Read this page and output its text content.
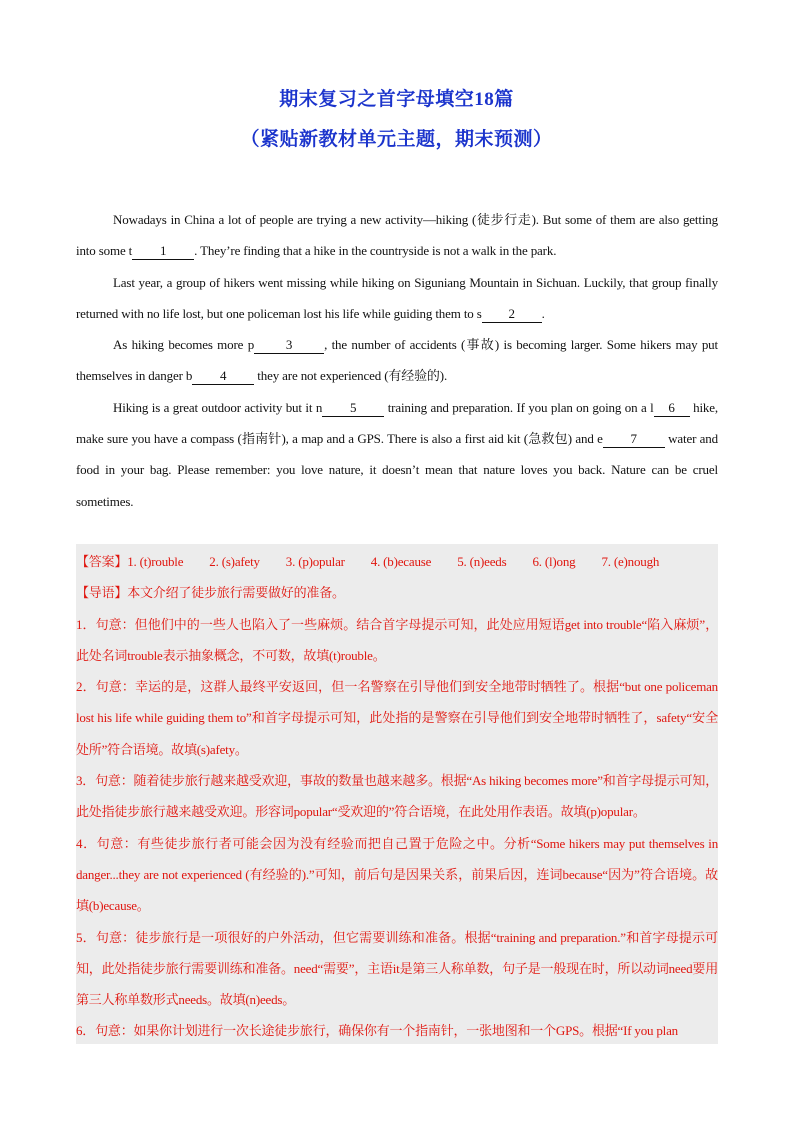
期末复习之首字母填空18篇
（紧贴新教材单元主题，期末预测）

Nowadays in China a lot of people are trying a new activity—hiking (徒步行走). But some of them are also getting into some t 1 . They’re finding that a hike in the countryside is not a walk in the park.

Last year, a group of hikers went missing while hiking on Siguniang Mountain in Sichuan. Luckily, that group finally returned with no life lost, but one policeman lost his life while guiding them to s 2 .

As hiking becomes more p 3 , the number of accidents (事故) is becoming larger. Some hikers may put themselves in danger b 4 they are not experienced (有经验的).

Hiking is a great outdoor activity but it n 5 training and preparation. If you plan on going on a l 6 hike, make sure you have a compass (指南针), a map and a GPS. There is also a first aid kit (急救包) and e 7 water and food in your bag. Please remember: you love nature, it doesn’t mean that nature loves you back. Nature can be cruel sometimes.

【答案】1. (t)rouble 2. (s)afety 3. (p)opular 4. (b)ecause 5. (n)eeds 6. (l)ong 7. (e)nough
【导语】本文介绍了徒步旅行需要做好的准备。
1．句意：但他们中的一些人也陷入了一些麻烦。结合首字母提示可知，此处应用短语get into trouble“陷入麻烦”，此处名词trouble表示抽象概念，不可数，故填(t)rouble。
2．句意：幸运的是，这群人最终平安返回，但一名警察在引导他们到安全地带时牺牲了。根据“but one policeman lost his life while guiding them to”和首字母提示可知，此处指的是警察在引导他们到安全地带时牺牲了，safety“安全处所”符合语境。故填(s)afety。
3．句意：随着徒步旅行越来越受欢迎，事故的数量也越来越多。根据“As hiking becomes more”和首字母提示可知，此处指徒步旅行越来越受欢迎。形容词popular“受欢迎的”符合语境，在此处用作表语。故填(p)opular。
4．句意：有些徒步旅行者可能会因为没有经验而把自己置于危险之中。分析“Some hikers may put themselves in danger...they are not experienced (有经验的).”可知，前后句是因果关系，前果后因，连词because“因为”符合语境。故填(b)ecause。
5．句意：徒步旅行是一项很好的户外活动，但它需要训练和准备。根据“training and preparation.”和首字母提示可知，此处指徒步旅行需要训练和准备。need“需要”，主语it是第三人称单数，句子是一般现在时，所以动词need要用第三人称单数形式needs。故填(n)eeds。
6．句意：如果你计划进行一次长途徒步旅行，确保你有一个指南针，一张地图和一个GPS。根据“If you plan
